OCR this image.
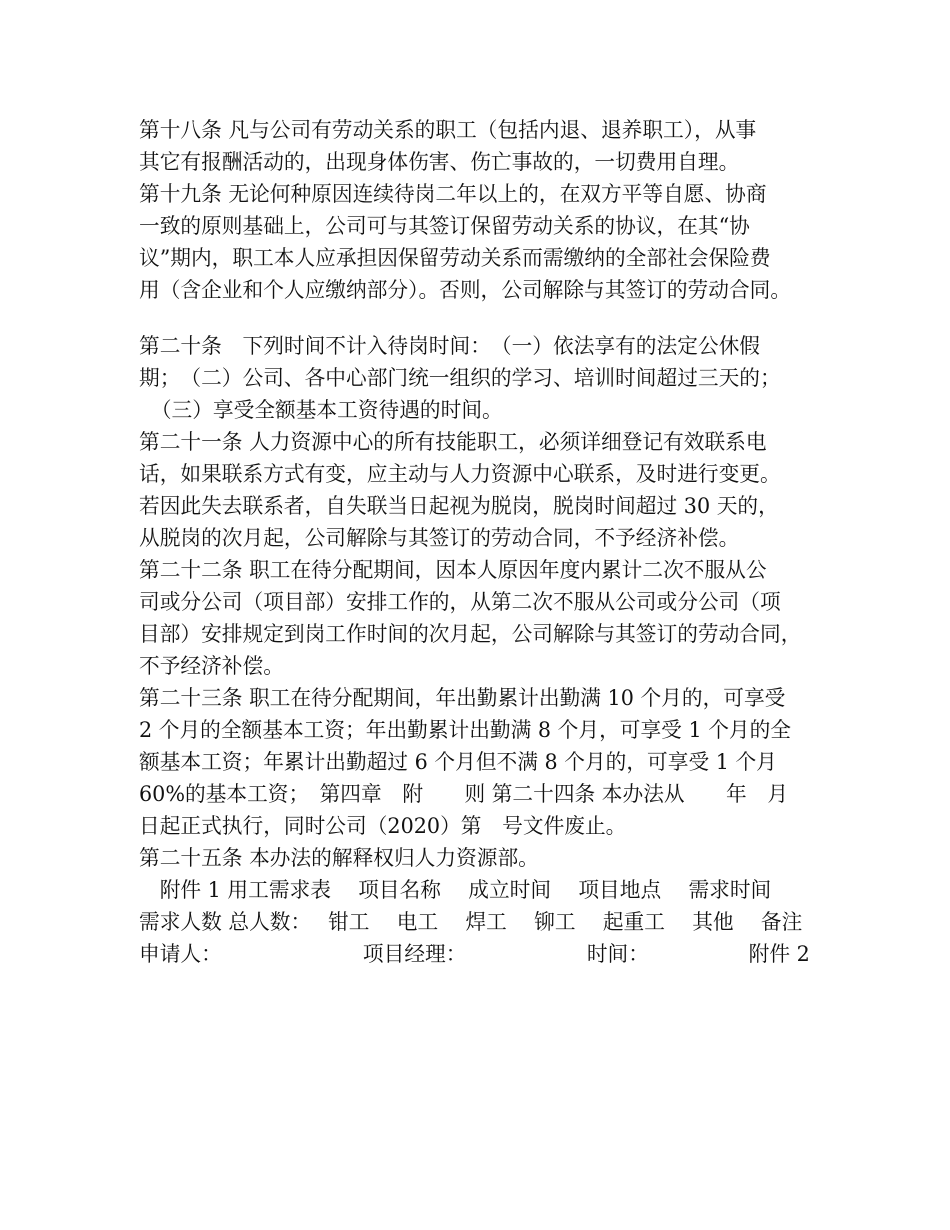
第十八条 凡与公司有劳动关系的职工（包括内退、退养职工），从事
其它有报酬活动的，出现身体伤害、伤亡事故的，一切费用自理。
第十九条 无论何种原因连续待岗二年以上的，在双方平等自愿、协商
一致的原则基础上，公司可与其签订保留劳动关系的协议，在其“协
议”期内，职工本人应承担因保留劳动关系而需缴纳的全部社会保险费
用（含企业和个人应缴纳部分）。否则，公司解除与其签订的劳动合同。
第二十条　下列时间不计入待岗时间：　（一）依法享有的法定公休假
期；　（二）公司、各中心部门统一组织的学习、培训时间超过三天的；
（三）享受全额基本工资待遇的时间。
第二十一条 人力资源中心的所有技能职工，必须详细登记有效联系电
话，如果联系方式有变，应主动与人力资源中心联系，及时进行变更。
若因此失去联系者，自失联当日起视为脱岗，脱岗时间超过 30 天的，
从脱岗的次月起，公司解除与其签订的劳动合同，不予经济补偿。
第二十二条 职工在待分配期间，因本人原因年度内累计二次不服从公
司或分公司（项目部）安排工作的，从第二次不服从公司或分公司（项
目部）安排规定到岗工作时间的次月起，公司解除与其签订的劳动合同，
不予经济补偿。
第二十三条 职工在待分配期间，年出勤累计出勤满 10 个月的，可享受
2 个月的全额基本工资；年出勤累计出勤满 8 个月，可享受 1 个月的全
额基本工资；年累计出勤超过 6 个月但不满 8 个月的，可享受 1 个月
60%的基本工资；　第四章　附　　则 第二十四条 本办法从　　年　月
日起正式执行，同时公司（2020）第　号文件废止。
第二十五条 本办法的解释权归人力资源部。
　附件 1 用工需求表　 项目名称　 成立时间　 项目地点　 需求时间
需求人数 总人数：　 钳工　 电工　 焊工　 铆工　 起重工　 其他　 备注
申请人：　　　　　　　 项目经理：　　　　　　 时间：　　　　　 附件 2
